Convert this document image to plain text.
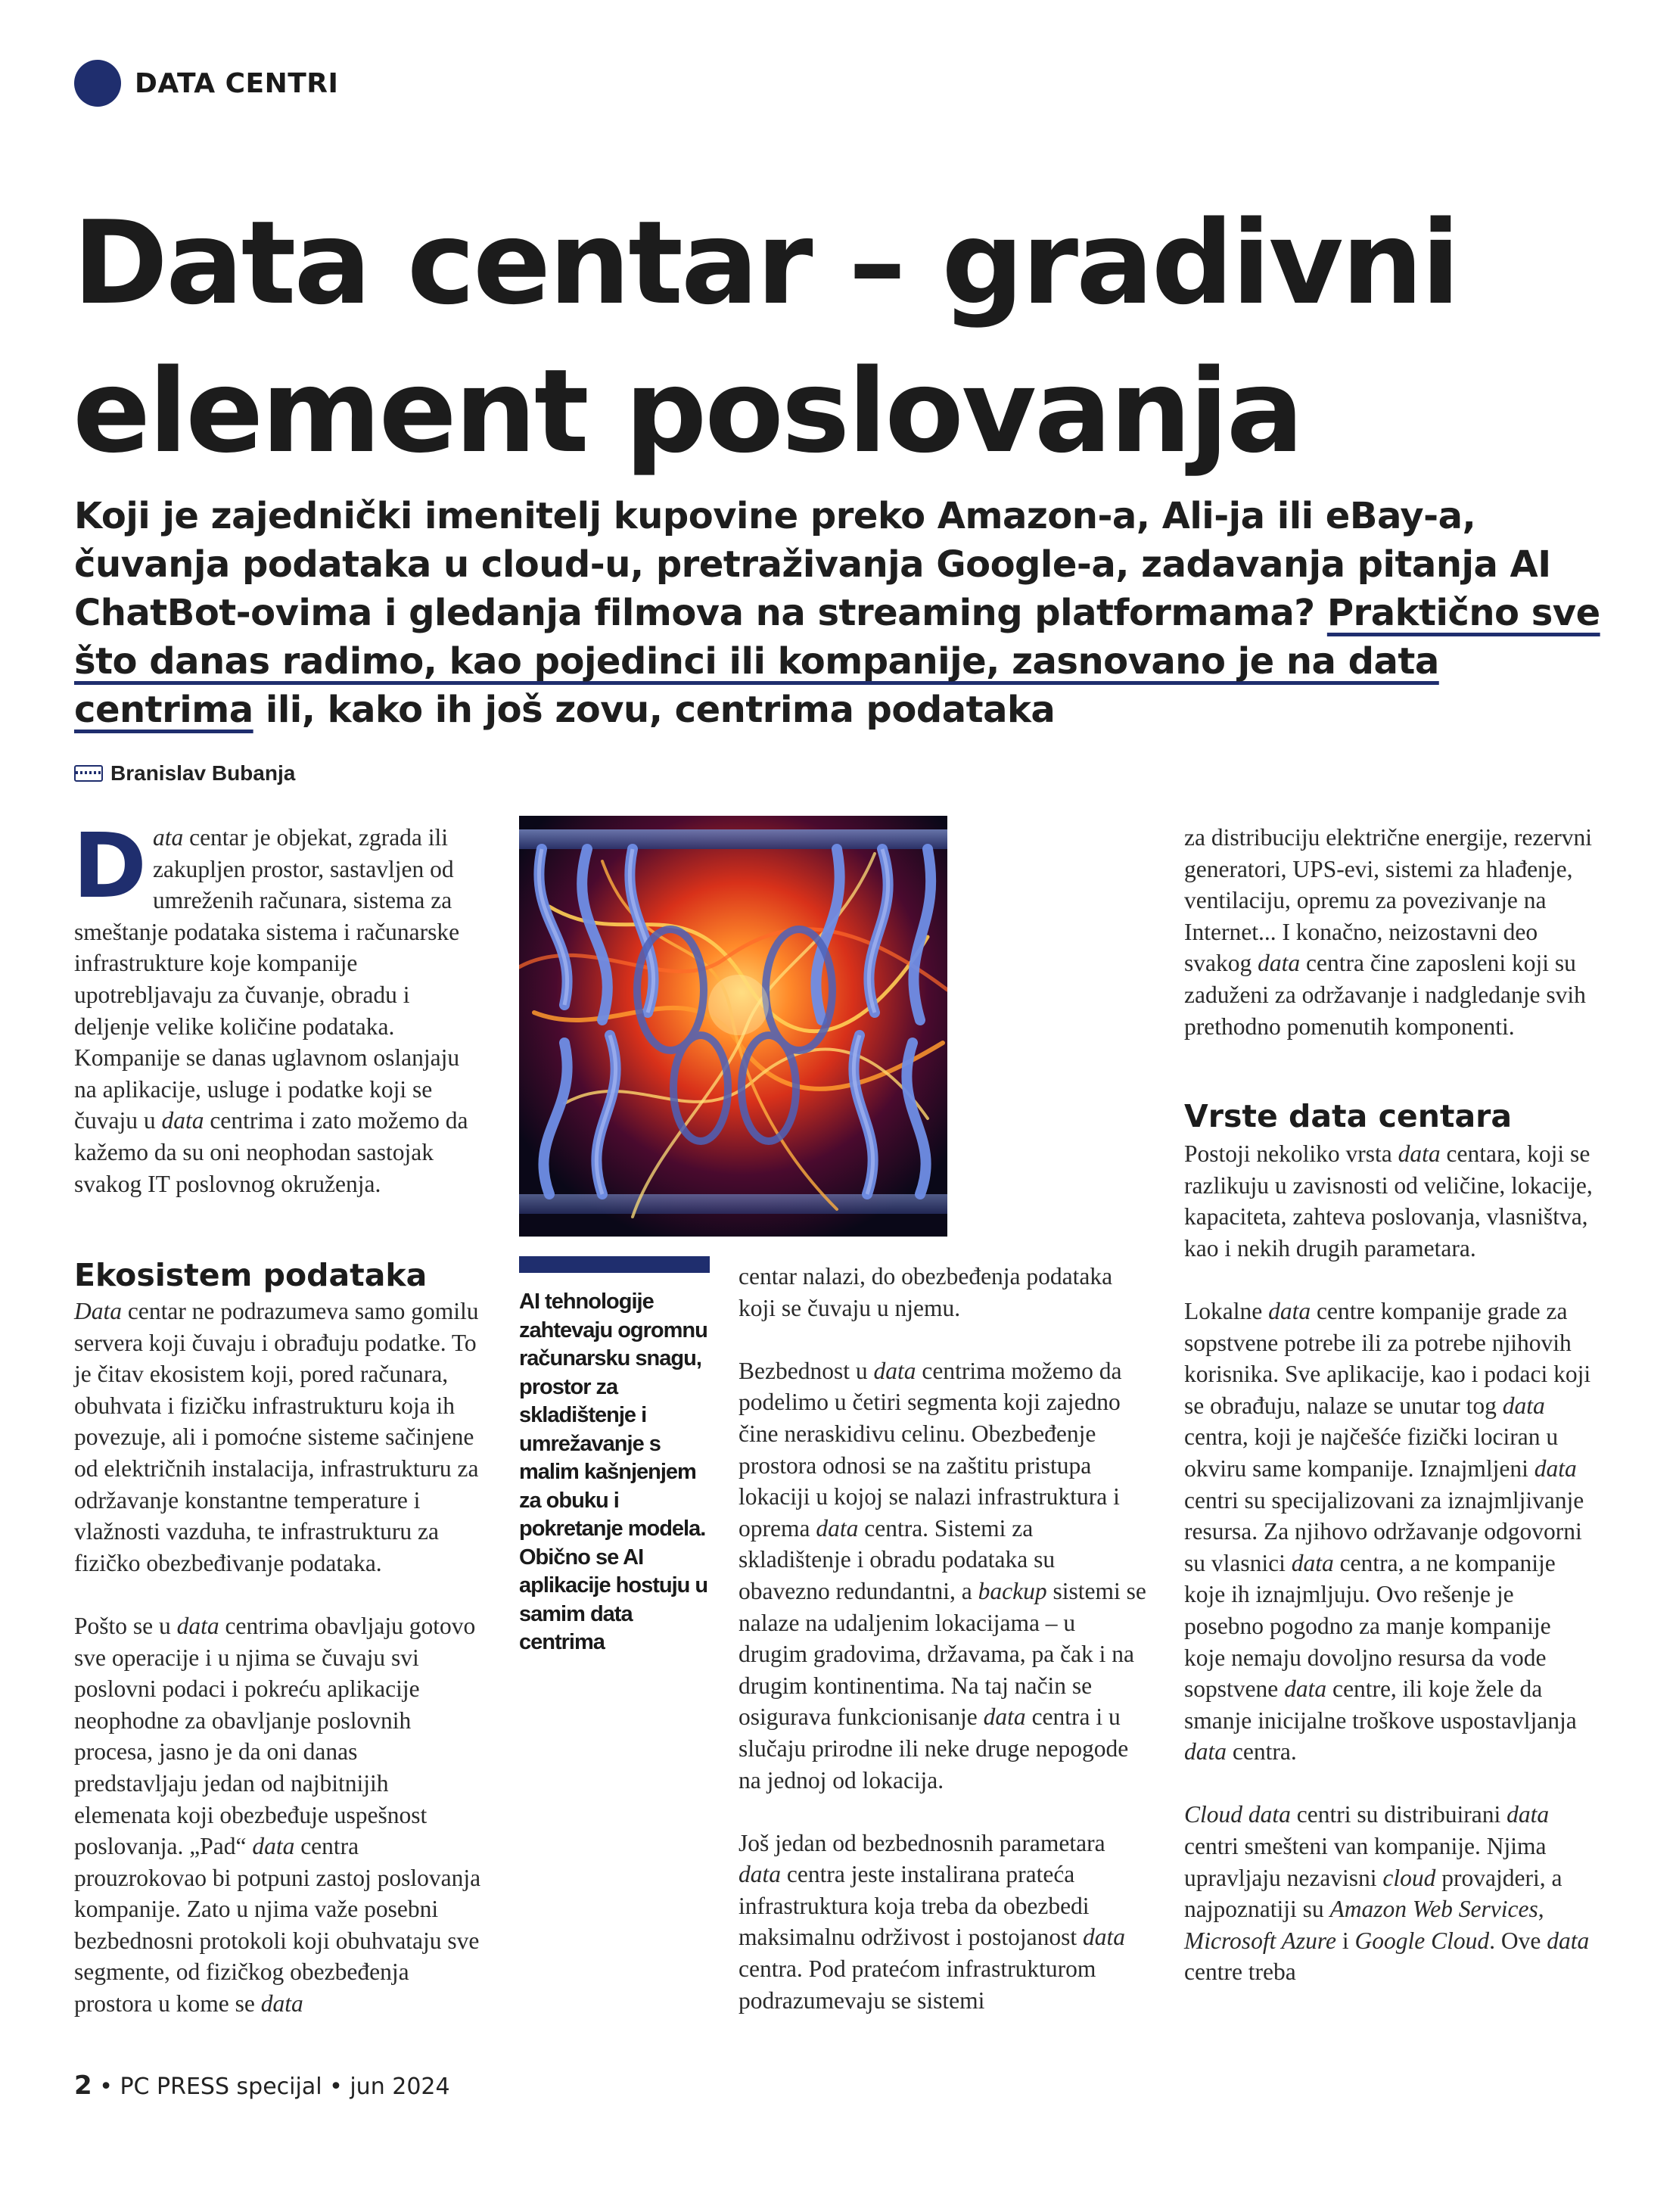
DATA CENTRI
Data centar – gradivni
element poslovanja
Koji je zajednički imenitelj kupovine preko Amazon-a, Ali-ja ili eBay-a, čuvanja podataka u cloud-u, pretraživanja Google-a, zadavanja pitanja AI ChatBot-ovima i gledanja filmova na streaming platformama? Praktično sve što danas radimo, kao pojedinci ili kompanije, zasnovano je na data centrima ili, kako ih još zovu, centrima podataka
Branislav Bubanja
Data centar je objekat, zgrada ili zakupljen prostor, sastavljen od umreženih računara, sistema za smeštanje podataka sistema i računarske infrastrukture koje kompanije upotrebljavaju za čuvanje, obradu i deljenje velike količine podataka. Kompanije se danas uglavnom oslanjaju na aplikacije, usluge i podatke koji se čuvaju u data centrima i zato možemo da kažemo da su oni neophodan sastojak svakog IT poslovnog okruženja.
Ekosistem podataka

Data centar ne podrazumeva samo gomilu servera koji čuvaju i obrađuju podatke. To je čitav ekosistem koji, pored računara, obuhvata i fizičku infrastrukturu koja ih povezuje, ali i pomoćne sisteme sačinjene od električnih instalacija, infrastrukturu za održavanje konstantne temperature i vlažnosti vazduha, te infrastrukturu za fizičko obezbeđivanje podataka.

Pošto se u data centrima obavljaju gotovo sve operacije i u njima se čuvaju svi poslovni podaci i pokreću aplikacije neophodne za obavljanje poslovnih procesa, jasno je da oni danas predstavljaju jedan od najbitnijih elemenata koji obezbeđuje uspešnost poslovanja. „Pad“ data centra prouzrokovao bi potpuni zastoj poslovanja kompanije. Zato u njima važe posebni bezbednosni protokoli koji obuhvataju sve segmente, od fizičkog obezbeđenja prostora u kome se data

AI tehnologije zahtevaju ogromnu računarsku snagu, prostor za skladištenje i umrežavanje s malim kašnjenjem za obuku i pokretanje modela. Obično se AI aplikacije hostuju u samim data centrima

centar nalazi, do obezbeđenja podataka koji se čuvaju u njemu.

Bezbednost u data centrima možemo da podelimo u četiri segmenta koji zajedno čine neraskidivu celinu. Obezbeđenje prostora odnosi se na zaštitu pristupa lokaciji u kojoj se nalazi infrastruktura i oprema data centra. Sistemi za skladištenje i obradu podataka su obavezno redundantni, a backup sistemi se nalaze na udaljenim lokacijama – u drugim gradovima, državama, pa čak i na drugim kontinentima. Na taj način se osigurava funkcionisanje data centra i u slučaju prirodne ili neke druge nepogode na jednoj od lokacija.

Još jedan od bezbednosnih parametara data centra jeste instalirana prateća infrastruktura koja treba da obezbedi maksimalnu održivost i postojanost data centra. Pod pratećom infrastrukturom podrazumevaju se sistemi

za distribuciju električne energije, rezervni generatori, UPS-evi, sistemi za hlađenje, ventilaciju, opremu za povezivanje na Internet... I konačno, neizostavni deo svakog data centra čine zaposleni koji su zaduženi za održavanje i nadgledanje svih prethodno pomenutih komponenti.

Vrste data centara

Postoji nekoliko vrsta data centara, koji se razlikuju u zavisnosti od veličine, lokacije, kapaciteta, zahteva poslovanja, vlasništva, kao i nekih drugih parametara.

Lokalne data centre kompanije grade za sopstvene potrebe ili za potrebe njihovih korisnika. Sve aplikacije, kao i podaci koji se obrađuju, nalaze se unutar tog data centra, koji je najčešće fizički lociran u okviru same kompanije. Iznajmljeni data centri su specijalizovani za iznajmljivanje resursa. Za njihovo održavanje odgovorni su vlasnici data centra, a ne kompanije koje ih iznajmljuju. Ovo rešenje je posebno pogodno za manje kompanije koje nemaju dovoljno resursa da vode sopstvene data centre, ili koje žele da smanje inicijalne troškove uspostavljanja data centra.

Cloud data centri su distribuirani data centri smešteni van kompanije. Njima upravljaju nezavisni cloud provajderi, a najpoznatiji su Amazon Web Services, Microsoft Azure i Google Cloud. Ove data centre treba

2 • PC PRESS specijal • jun 2024
